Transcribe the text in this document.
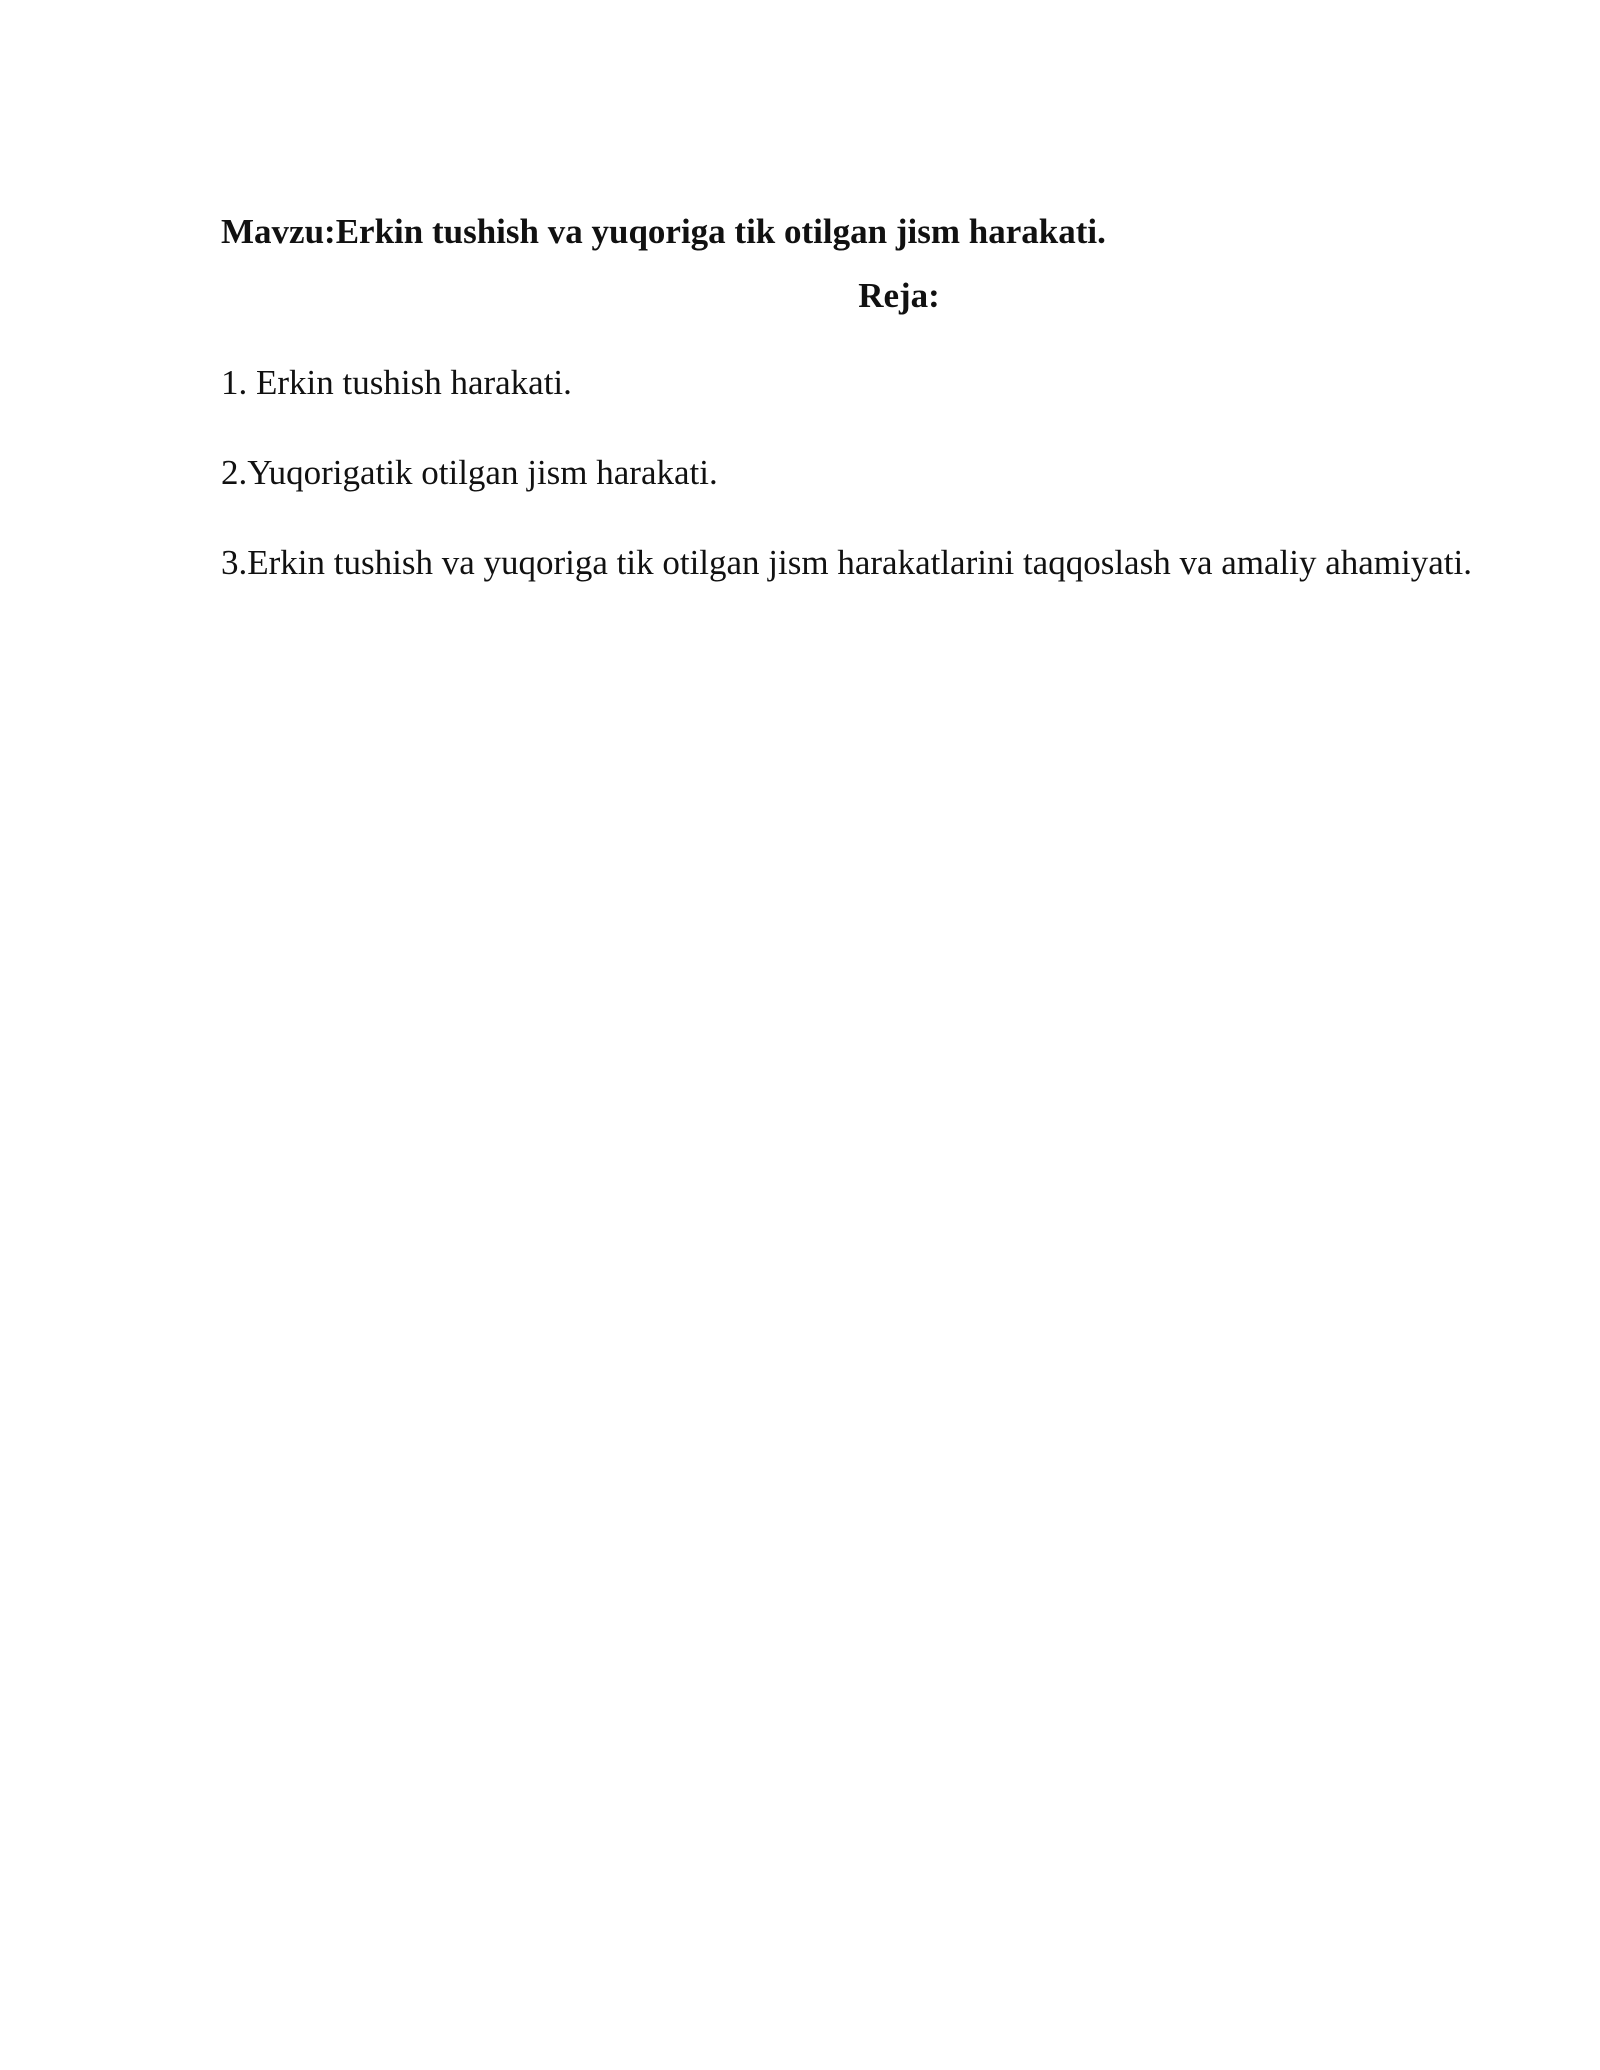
Mavzu:Erkin tushish va yuqoriga tik otilgan jism harakati.

Reja:

1. Erkin tushish harakati.
2.Yuqorigatik otilgan jism harakati.
3.Erkin tushish va yuqoriga tik otilgan jism harakatlarini taqqoslash va amaliy ahamiyati.
